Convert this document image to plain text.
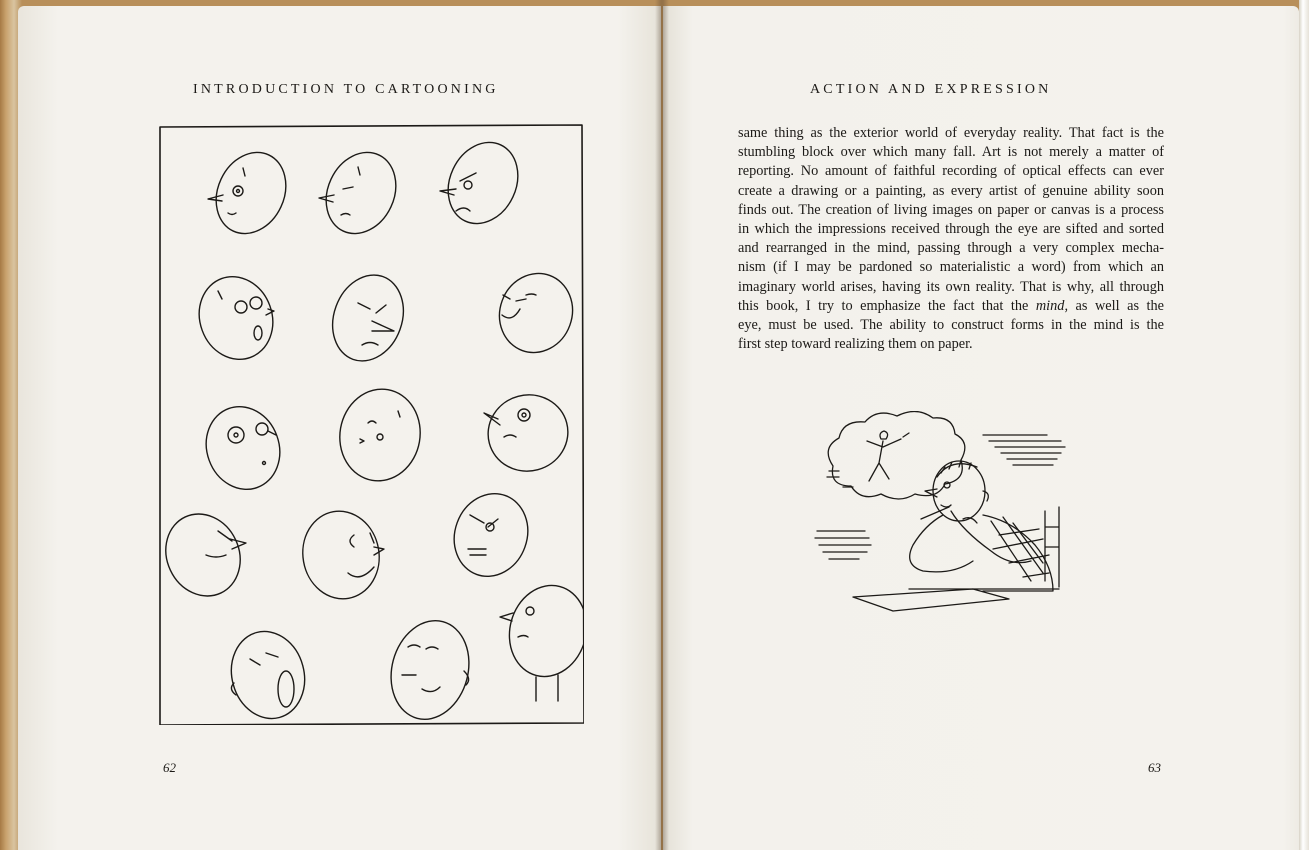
INTRODUCTION TO CARTOONING
62
ACTION AND EXPRESSION
same thing as the exterior world of everyday reality. That fact is the
stumbling block over which many fall. Art is not merely a matter of
reporting. No amount of faithful recording of optical effects can ever
create a drawing or a painting, as every artist of genuine ability soon
finds out. The creation of living images on paper or canvas is a process
in which the impressions received through the eye are sifted and sorted
and rearranged in the mind, passing through a very complex mecha-
nism (if I may be pardoned so materialistic a word) from which an
imaginary world arises, having its own reality. That is why, all through
this book, I try to emphasize the fact that the mind, as well as the
eye, must be used. The ability to construct forms in the mind is the
first step toward realizing them on paper.
63
